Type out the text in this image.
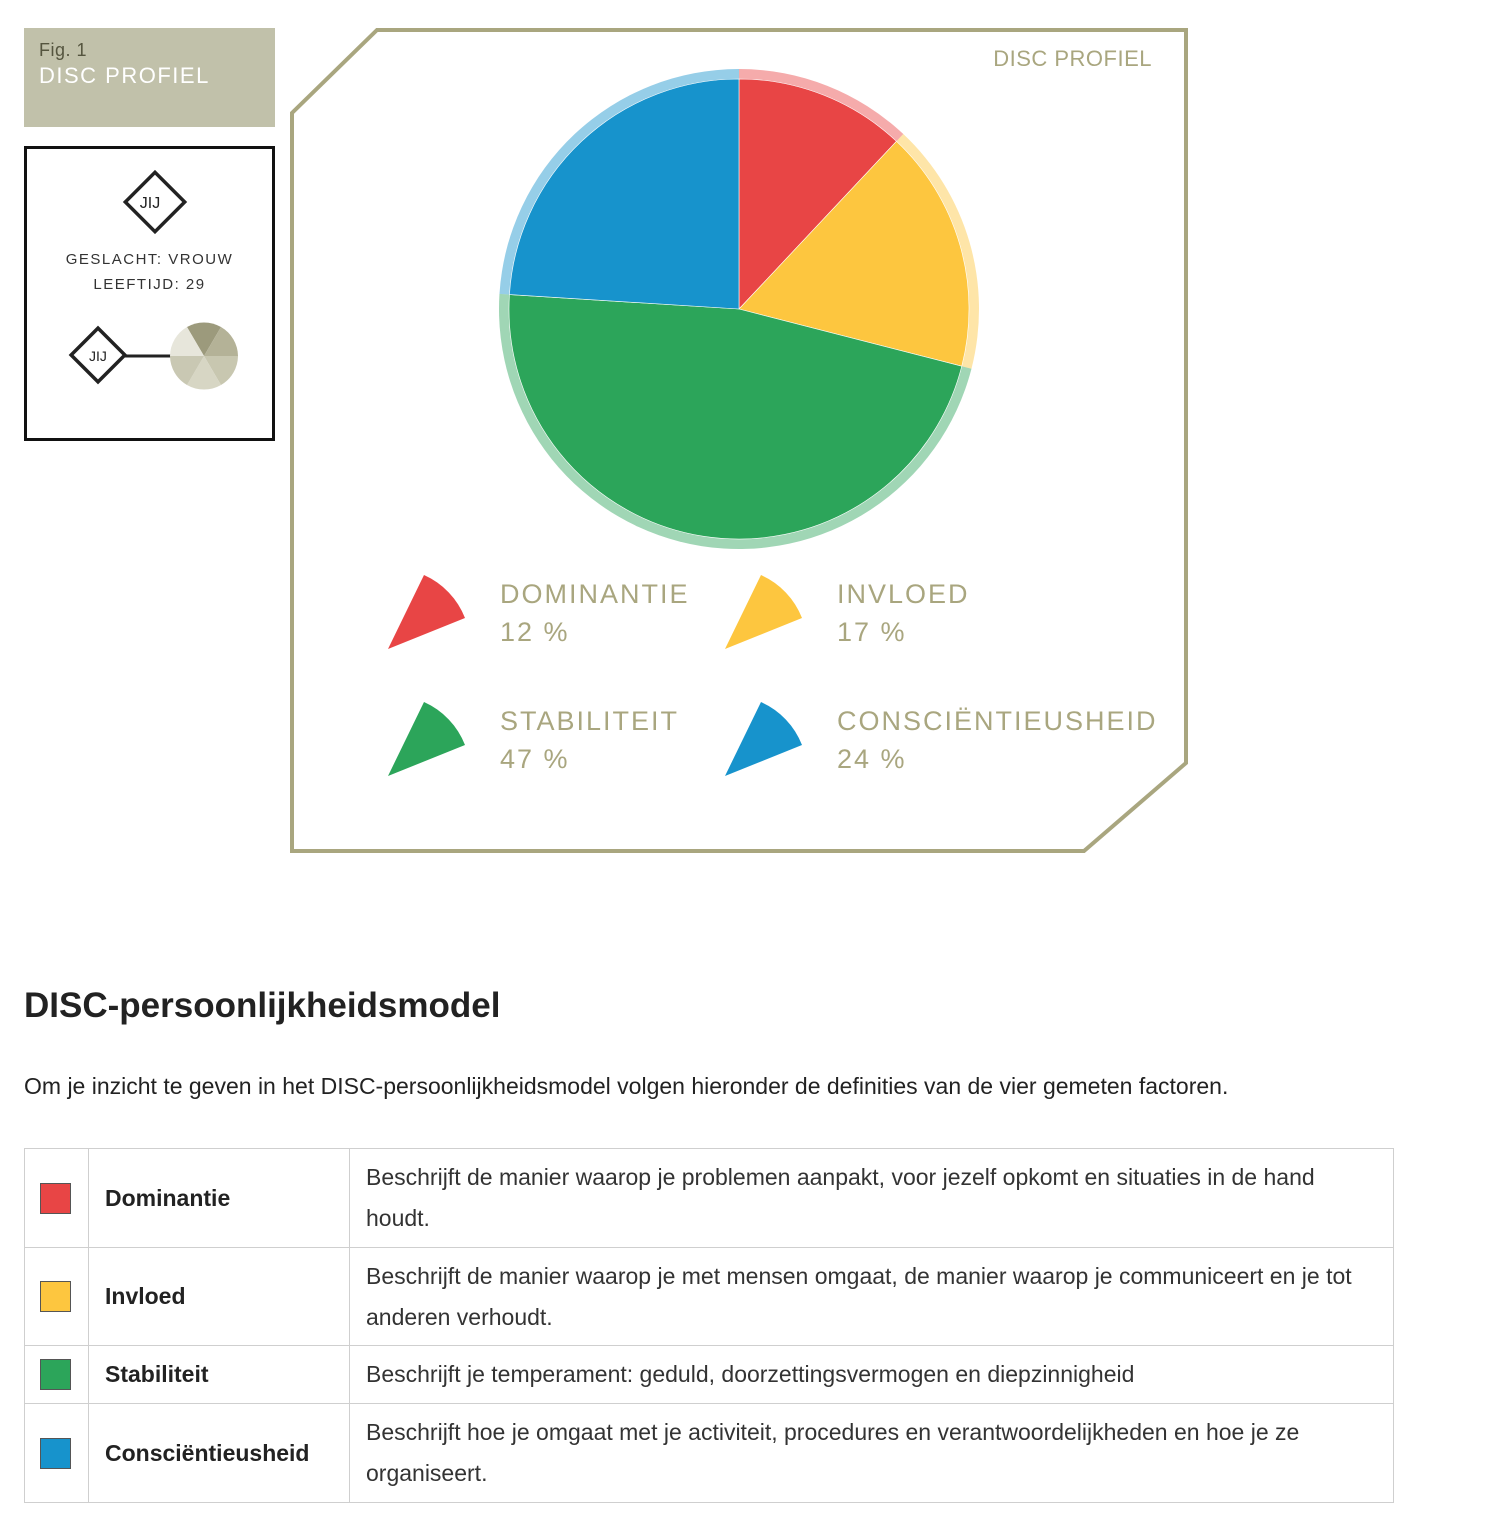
Fig. 1
DISC PROFIEL
JIJ
JIJ
GESLACHT: VROUW
LEEFTIJD: 29
DISC PROFIEL
DOMINANTIE
12 %
INVLOED
17 %
STABILITEIT
47 %
CONSCIËNTIEUSHEID
24 %
DISC-persoonlijkheidsmodel

Om je inzicht te geven in het DISC-persoonlijkheidsmodel volgen hieronder de definities van de vier gemeten factoren.

	Dominantie	Beschrijft de manier waarop je problemen aanpakt, voor jezelf opkomt en situaties in de hand houdt.

	Invloed	Beschrijft de manier waarop je met mensen omgaat, de manier waarop je communiceert en je tot anderen verhoudt.

	Stabiliteit	Beschrijft je temperament: geduld, doorzettingsvermogen en diepzinnigheid

	Consciëntieusheid	Beschrijft hoe je omgaat met je activiteit, procedures en verantwoordelijkheden en hoe je ze organiseert.
